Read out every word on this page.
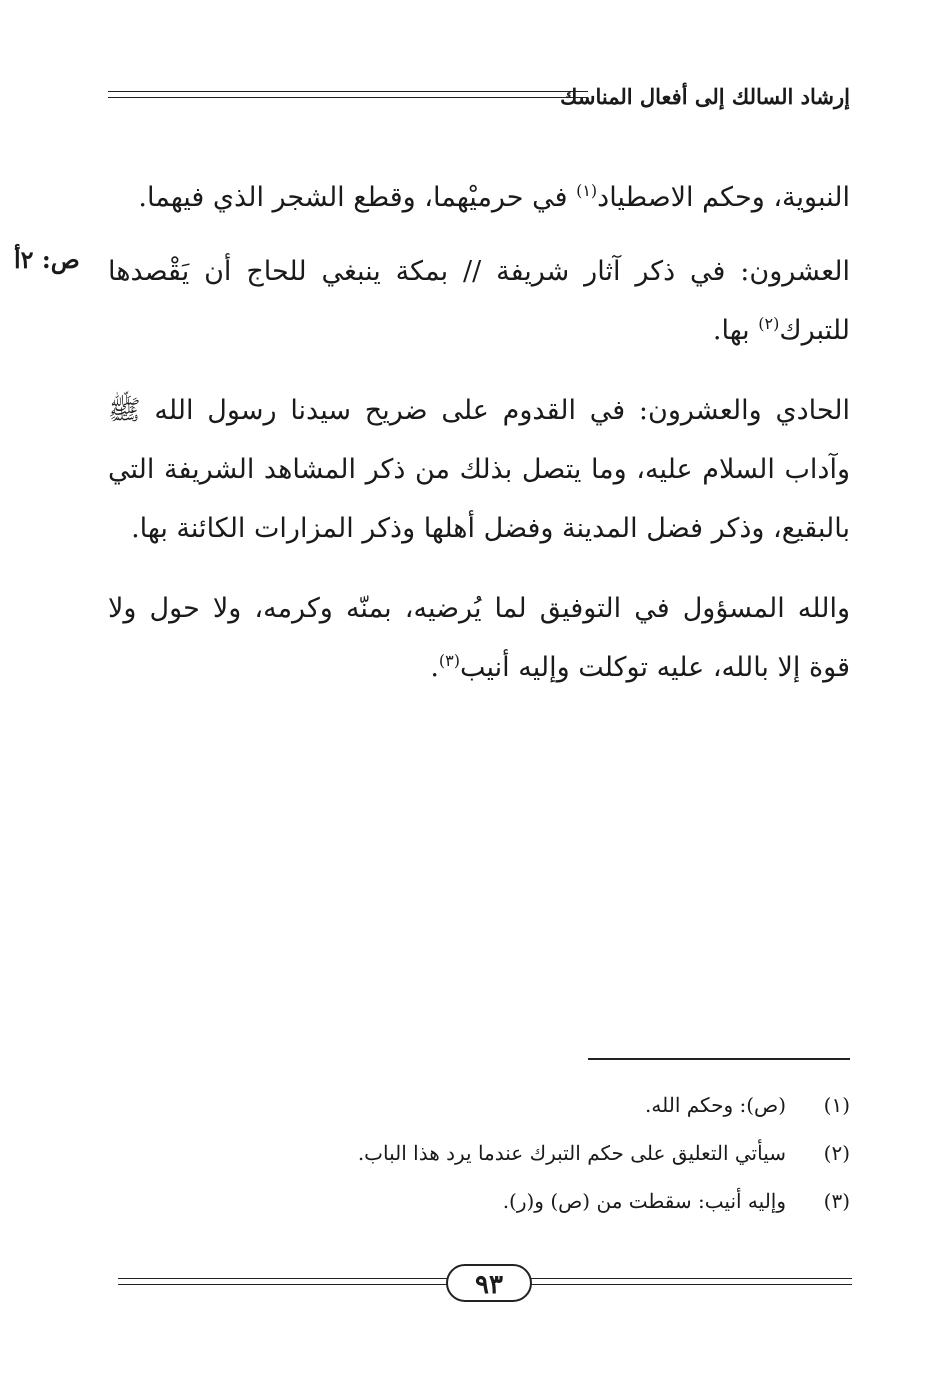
إرشاد السالك إلى أفعال المناسك
ص: ٢أ

النبوية، وحكم الاصطياد$^{(١)}$ في حرميْهما، وقطع الشجر الذي فيهما.

العشرون: في ذكر آثار شريفة // بمكة ينبغي للحاج أن يَقْصدها للتبرك$^{(٢)}$ بها.

الحادي والعشرون: في القدوم على ضريح سيدنا رسول الله ﷺ وآداب السلام عليه، وما يتصل بذلك من ذكر المشاهد الشريفة التي بالبقيع، وذكر فضل المدينة وفضل أهلها وذكر المزارات الكائنة بها.

والله المسؤول في التوفيق لما يُرضيه، بمنّه وكرمه، ولا حول ولا قوة إلا بالله، عليه توكلت وإليه أنيب$^{(٣)}$.

(١)(ص): وحكم الله.
(٢)سيأتي التعليق على حكم التبرك عندما يرد هذا الباب.
(٣)وإليه أنيب: سقطت من (ص) و(ر).
٩٣
